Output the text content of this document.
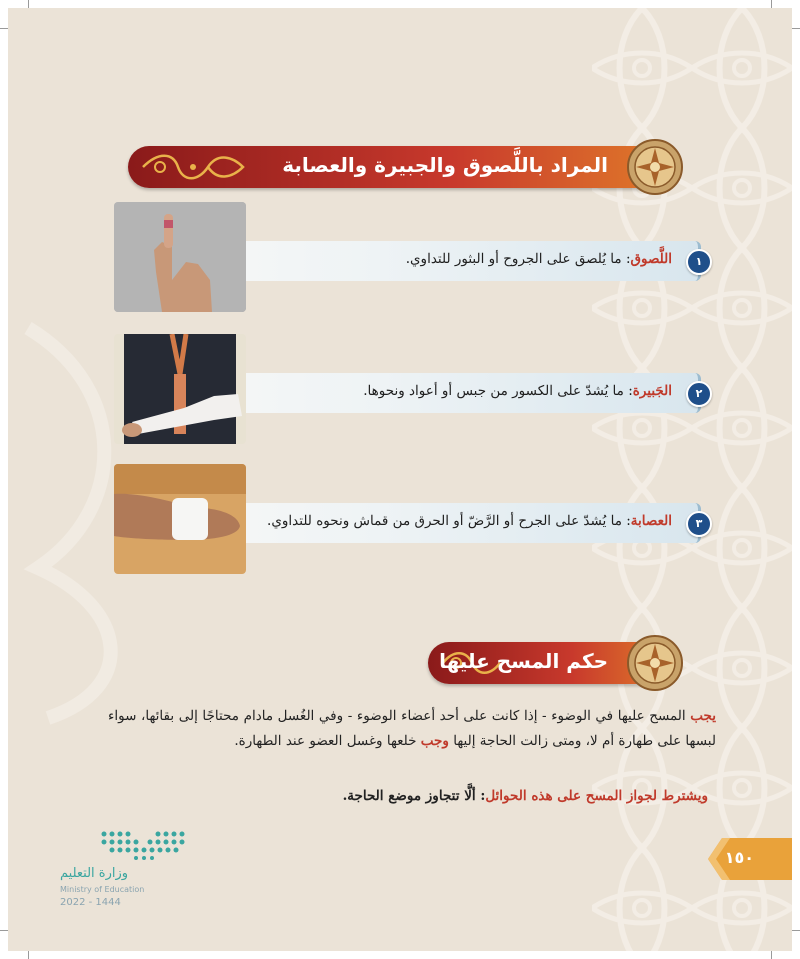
المراد باللَّصوق والجبيرة والعصابة
اللَّصوق: ما يُلصق على الجروح أو البثور للتداوي.	١
الجَبيرة: ما يُشدّ على الكسور من جبس أو أعواد ونحوها.	٢
العصابة: ما يُشدّ على الجرح أو الرَّضّ أو الحرق من قماش ونحوه للتداوي.	٣
حكم المسح عليها
يجب المسح عليها في الوضوء - إذا كانت على أحد أعضاء الوضوء - وفي الغُسل مادام محتاجًا إلى بقائها، سواء لبسها على طهارة أم لا، ومتى زالت الحاجة إليها وجب خلعها وغسل العضو عند الطهارة.
ويشترط لجواز المسح على هذه الحوائل: ألَّا تتجاوز موضع الحاجة.
وزارة التعليم
Ministry of Education
2022 - 1444
١٥٠
